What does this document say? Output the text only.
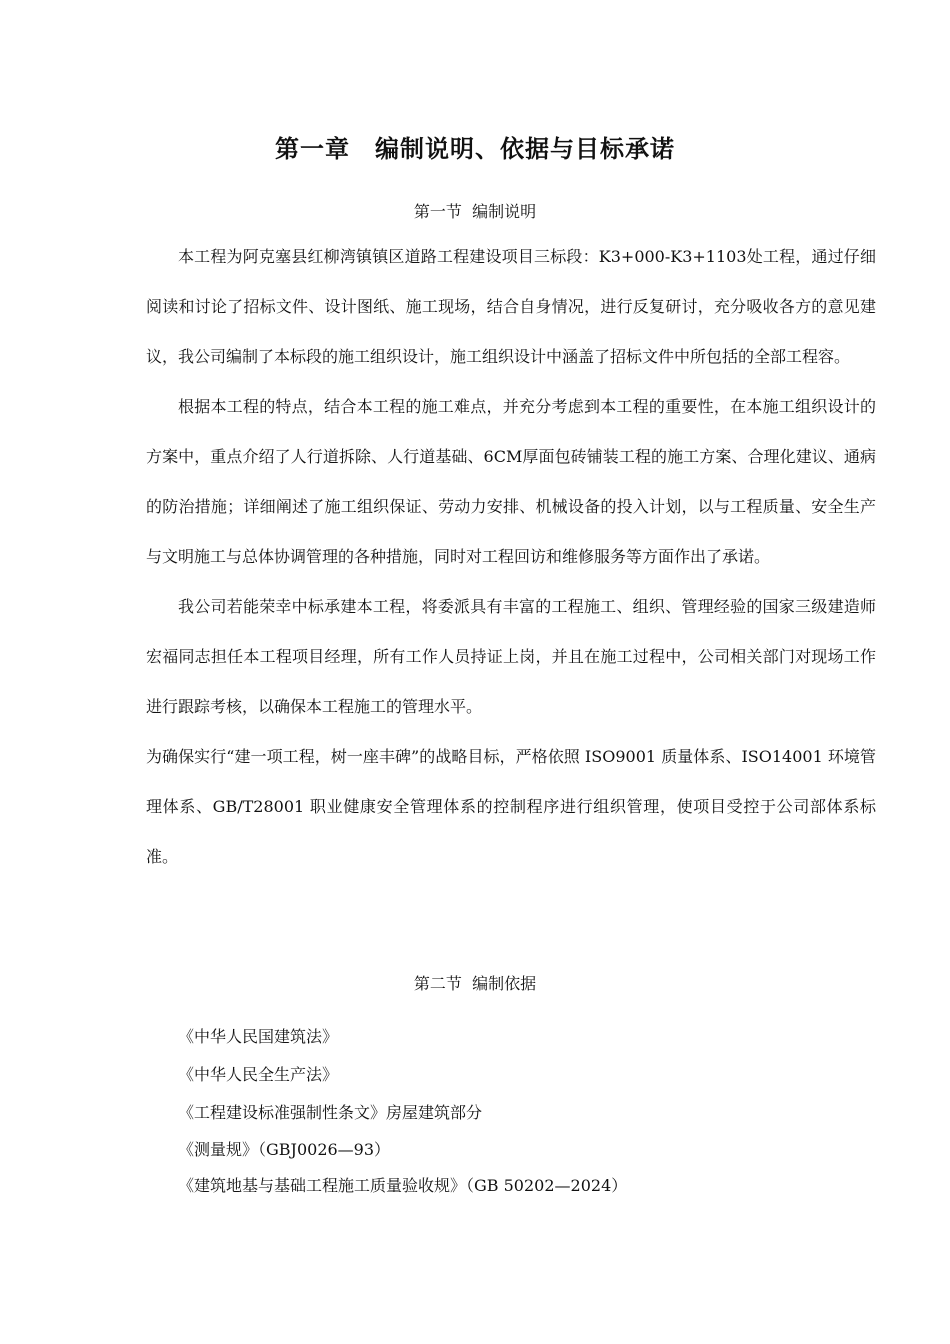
第一章　编制说明、依据与目标承诺
第一节  编制说明

本工程为阿克塞县红柳湾镇镇区道路工程建设项目三标段：K3+000-K3+1103处工程，通过仔细阅读和讨论了招标文件、设计图纸、施工现场，结合自身情况，进行反复研讨，充分吸收各方的意见建议，我公司编制了本标段的施工组织设计，施工组织设计中涵盖了招标文件中所包括的全部工程容。

根据本工程的特点，结合本工程的施工难点，并充分考虑到本工程的重要性，在本施工组织设计的方案中，重点介绍了人行道拆除、人行道基础、6CM厚面包砖铺装工程的施工方案、合理化建议、通病的防治措施；详细阐述了施工组织保证、劳动力安排、机械设备的投入计划，以与工程质量、安全生产与文明施工与总体协调管理的各种措施，同时对工程回访和维修服务等方面作出了承诺。

我公司若能荣幸中标承建本工程，将委派具有丰富的工程施工、组织、管理经验的国家三级建造师宏福同志担任本工程项目经理，所有工作人员持证上岗，并且在施工过程中，公司相关部门对现场工作进行跟踪考核，以确保本工程施工的管理水平。

为确保实行“建一项工程，树一座丰碑”的战略目标，严格依照 ISO9001 质量体系、ISO14001 环境管理体系、GB/T28001 职业健康安全管理体系的控制程序进行组织管理，使项目受控于公司部体系标准。

第二节  编制依据
《中华人民国建筑法》
《中华人民全生产法》
《工程建设标准强制性条文》房屋建筑部分
《测量规》（GBJ0026—93）
《建筑地基与基础工程施工质量验收规》（GB 50202—2024）
